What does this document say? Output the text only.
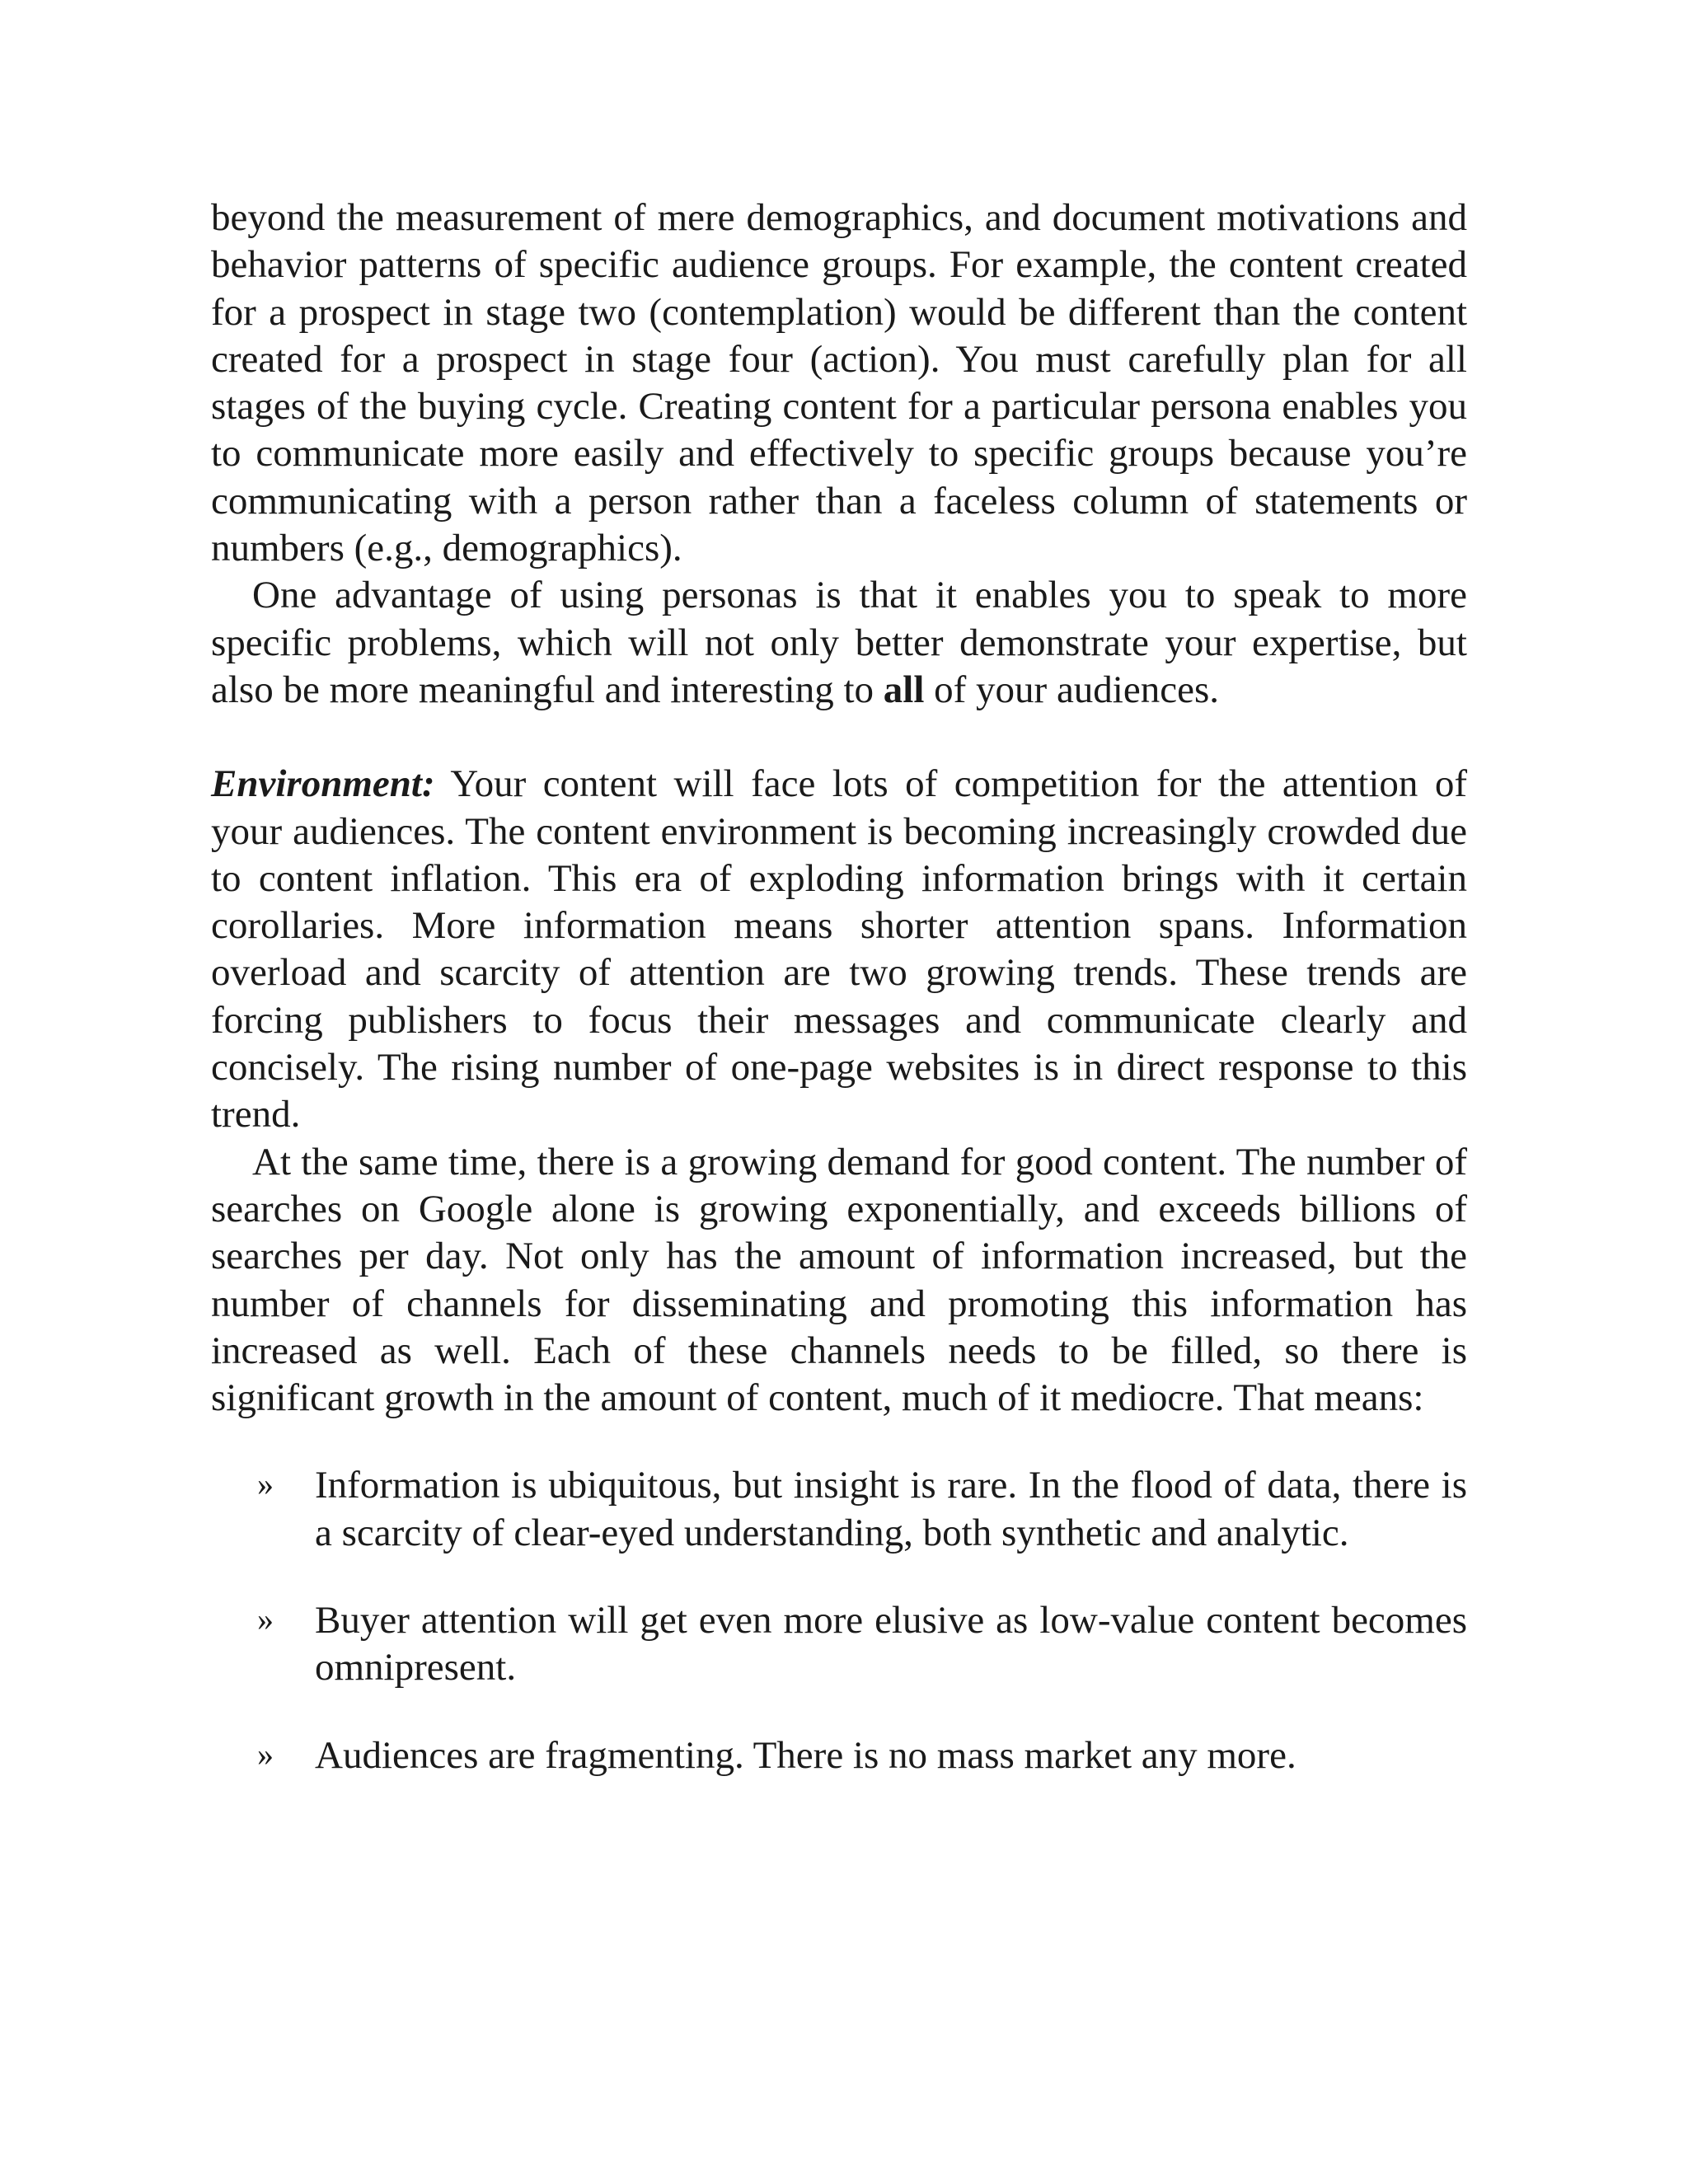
beyond the measurement of mere demographics, and document motivations and behavior patterns of specific audience groups. For example, the content created for a prospect in stage two (contemplation) would be different than the content created for a prospect in stage four (action). You must carefully plan for all stages of the buying cycle. Creating content for a particular persona enables you to communicate more easily and effectively to specific groups because you’re communicating with a person rather than a faceless column of statements or numbers (e.g., demographics).

One advantage of using personas is that it enables you to speak to more specific problems, which will not only better demonstrate your expertise, but also be more meaningful and interesting to all of your audiences.

Environment: Your content will face lots of competition for the attention of your audiences. The content environment is becoming increasingly crowded due to content inflation. This era of exploding information brings with it certain corollaries. More information means shorter attention spans. Information overload and scarcity of attention are two growing trends. These trends are forcing publishers to focus their messages and communicate clearly and concisely. The rising number of one-page websites is in direct response to this trend.

At the same time, there is a growing demand for good content. The number of searches on Google alone is growing exponentially, and exceeds billions of searches per day. Not only has the amount of information increased, but the number of channels for disseminating and promoting this information has increased as well. Each of these channels needs to be filled, so there is significant growth in the amount of content, much of it mediocre. That means:

» Information is ubiquitous, but insight is rare. In the flood of data, there is a scarcity of clear-eyed understanding, both synthetic and analytic.
» Buyer attention will get even more elusive as low-value content becomes omnipresent.
» Audiences are fragmenting. There is no mass market any more.
